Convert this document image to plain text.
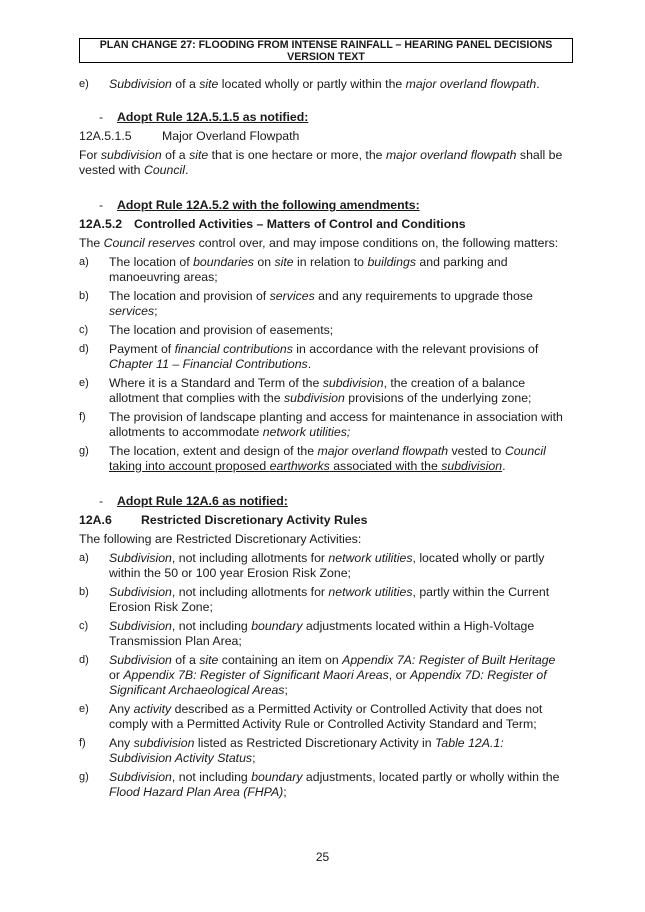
PLAN CHANGE 27: FLOODING FROM INTENSE RAINFALL – HEARING PANEL DECISIONS
VERSION TEXT
e)	Subdivision of a site located wholly or partly within the major overland flowpath.
-	Adopt Rule 12A.5.1.5 as notified:
12A.5.1.5	Major Overland Flowpath

For subdivision of a site that is one hectare or more, the major overland flowpath shall be vested with Council.

-	Adopt Rule 12A.5.2 with the following amendments:
12A.5.2 Controlled Activities – Matters of Control and Conditions

The Council reserves control over, and may impose conditions on, the following matters:

a)	The location of boundaries on site in relation to buildings and parking and manoeuvring areas;
b)	The location and provision of services and any requirements to upgrade those services;
c)	The location and provision of easements;
d)	Payment of financial contributions in accordance with the relevant provisions of Chapter 11 – Financial Contributions.
e)	Where it is a Standard and Term of the subdivision, the creation of a balance allotment that complies with the subdivision provisions of the underlying zone;
f)	The provision of landscape planting and access for maintenance in association with allotments to accommodate network utilities;
g)	The location, extent and design of the major overland flowpath vested to Council taking into account proposed earthworks associated with the subdivision.
-	Adopt Rule 12A.6 as notified:
12A.6	Restricted Discretionary Activity Rules

The following are Restricted Discretionary Activities:

a)	Subdivision, not including allotments for network utilities, located wholly or partly within the 50 or 100 year Erosion Risk Zone;
b)	Subdivision, not including allotments for network utilities, partly within the Current Erosion Risk Zone;
c)	Subdivision, not including boundary adjustments located within a High-Voltage Transmission Plan Area;
d)	Subdivision of a site containing an item on Appendix 7A: Register of Built Heritage or Appendix 7B: Register of Significant Maori Areas, or Appendix 7D: Register of Significant Archaeological Areas;
e)	Any activity described as a Permitted Activity or Controlled Activity that does not comply with a Permitted Activity Rule or Controlled Activity Standard and Term;
f)	Any subdivision listed as Restricted Discretionary Activity in Table 12A.1: Subdivision Activity Status;
g)	Subdivision, not including boundary adjustments, located partly or wholly within the Flood Hazard Plan Area (FHPA);
25
